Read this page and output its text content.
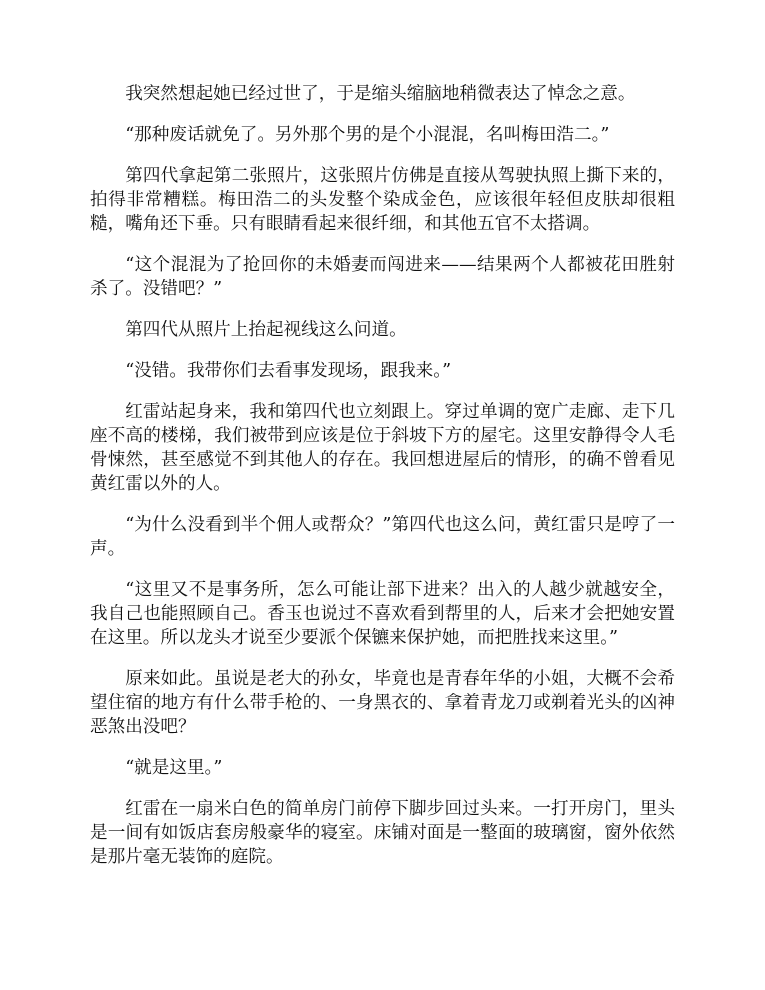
我突然想起她已经过世了，于是缩头缩脑地稍微表达了悼念之意。

“那种废话就免了。另外那个男的是个小混混，名叫梅田浩二。”

第四代拿起第二张照片，这张照片仿佛是直接从驾驶执照上撕下来的，拍得非常糟糕。梅田浩二的头发整个染成金色，应该很年轻但皮肤却很粗糙，嘴角还下垂。只有眼睛看起来很纤细，和其他五官不太搭调。

“这个混混为了抢回你的未婚妻而闯进来——结果两个人都被花田胜射杀了。没错吧？”

第四代从照片上抬起视线这么问道。

“没错。我带你们去看事发现场，跟我来。”

红雷站起身来，我和第四代也立刻跟上。穿过单调的宽广走廊、走下几座不高的楼梯，我们被带到应该是位于斜坡下方的屋宅。这里安静得令人毛骨悚然，甚至感觉不到其他人的存在。我回想进屋后的情形，的确不曾看见黄红雷以外的人。

“为什么没看到半个佣人或帮众？”第四代也这么问，黄红雷只是哼了一声。

“这里又不是事务所，怎么可能让部下进来？出入的人越少就越安全，我自己也能照顾自己。香玉也说过不喜欢看到帮里的人，后来才会把她安置在这里。所以龙头才说至少要派个保镳来保护她，而把胜找来这里。”

原来如此。虽说是老大的孙女，毕竟也是青春年华的小姐，大概不会希望住宿的地方有什么带手枪的、一身黑衣的、拿着青龙刀或剃着光头的凶神恶煞出没吧？

“就是这里。”

红雷在一扇米白色的简单房门前停下脚步回过头来。一打开房门，里头是一间有如饭店套房般豪华的寝室。床铺对面是一整面的玻璃窗，窗外依然是那片毫无装饰的庭院。
